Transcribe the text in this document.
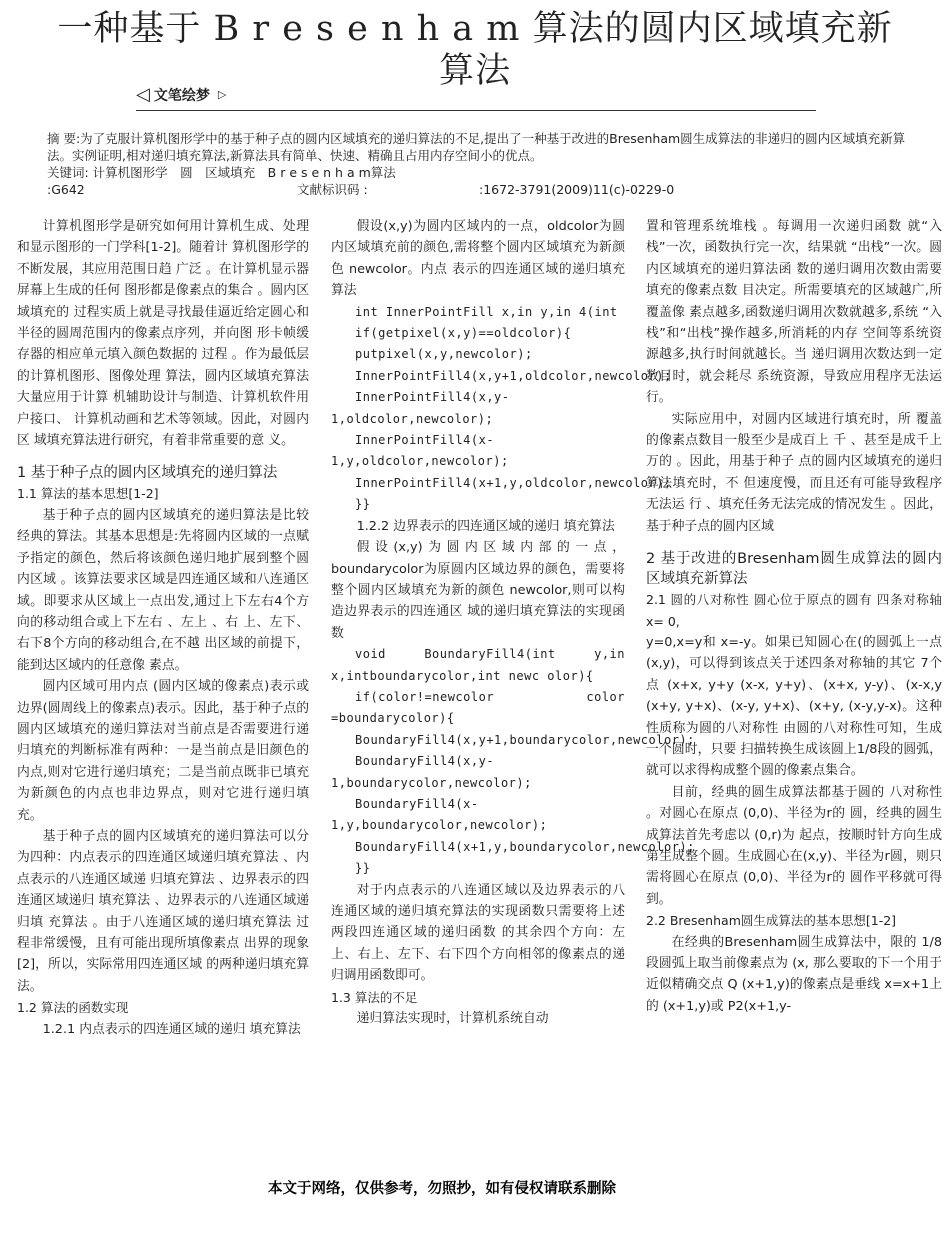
一种基于 B r e s e n h a m 算法的圆内区域填充新
算法
◁ 文笔绘梦 ▷

摘 要:为了克服计算机图形学中的基于种子点的圆内区域填充的递归算法的不足,提出了一种基于改进的Bresenham圆生成算法的非递归的圆内区域填充新算法。实例证明,相对递归填充算法,新算法具有简单、快速、精确且占用内存空间小的优点。

关键词: 计算机图形学　圆　区域填充　B r e s e n h a m算法

:G642	文献标识码 :	:1672-3791(2009)11(c)-0229-0

计算机图形学是研究如何用计算机生成、处理和显示图形的一门学科[1-2]。随着计 算机图形学的不断发展，其应用范围日趋 广泛 。在计算机显示器屏幕上生成的任何 图形都是像素点的集合 。圆内区域填充的 过程实质上就是寻找最佳逼近给定圆心和 半径的圆周范围内的像素点序列，并向图 形卡帧缓存器的相应单元填入颜色数据的 过程 。作为最低层的计算机图形、图像处理 算法，圆内区域填充算法大量应用于计算 机辅助设计与制造、计算机软件用户接口、 计算机动画和艺术等领域。因此，对圆内区 域填充算法进行研究，有着非常重要的意 义。

1 基于种子点的圆内区域填充的递归算法

1.1 算法的基本思想[1-2]

基于种子点的圆内区域填充的递归算法是比较经典的算法。其基本思想是:先将圆内区域的一点赋予指定的颜色，然后将该颜色递归地扩展到整个圆内区域 。该算法要求区域是四连通区域和八连通区域。即要求从区域上一点出发,通过上下左右4个方向的移动组合或上下左右 、左上 、右 上、左下、右下8个方向的移动组合,在不越 出区域的前提下，能到达区域内的任意像 素点。

圆内区域可用内点 (圆内区域的像素点)表示或边界(圆周线上的像素点)表示。因此，基于种子点的圆内区域填充的递归算法对当前点是否需要进行递归填充的判断标准有两种：一是当前点是旧颜色的内点,则对它进行递归填充；二是当前点既非已填充为新颜色的内点也非边界点，则对它进行递归填充。

基于种子点的圆内区域填充的递归算法可以分为四种：内点表示的四连通区域递归填充算法 、内点表示的八连通区域递 归填充算法 、边界表示的四连通区域递归 填充算法 、边界表示的八连通区域递归填 充算法 。由于八连通区域的递归填充算法 过程非常缓慢，且有可能出现所填像素点 出界的现象[2]，所以，实际常用四连通区域 的两种递归填充算法。

1.2 算法的函数实现

1.2.1 内点表示的四连通区域的递归 填充算法

假设(x,y)为圆内区域内的一点，oldcolor为圆内区域填充前的颜色,需将整个圆内区域填充为新颜色 newcolor。内点 表示的四连通区域的递归填充算法

int InnerPointFill x,in y,in 4(int

if(getpixel(x,y)==oldcolor){

putpixel(x,y,newcolor);

InnerPointFill4(x,y+1,oldcolor,newcolor);

InnerPointFill4(x,y-1,oldcolor,newcolor);

InnerPointFill4(x-1,y,oldcolor,newcolor);

InnerPointFill4(x+1,y,oldcolor,newcolor);

}}

1.2.2 边界表示的四连通区域的递归 填充算法

假设(x,y)为圆内区域内部的一点，boundarycolor为原圆内区域边界的颜色，需要将整个圆内区域填充为新的颜色 newcolor,则可以构造边界表示的四连通区 域的递归填充算法的实现函数

void BoundaryFill4(int y,in x,intboundarycolor,int newc olor){

if(color!=newcolor color =boundarycolor){

BoundaryFill4(x,y+1,boundarycolor,newcolor);

BoundaryFill4(x,y-1,boundarycolor,newcolor);

BoundaryFill4(x-1,y,boundarycolor,newcolor);

BoundaryFill4(x+1,y,boundarycolor,newcolor);

}}

对于内点表示的八连通区域以及边界表示的八连通区域的递归填充算法的实现函数只需要将上述两段四连通区域的递归函数 的其余四个方向：左上、右上、左下、右下四个方向相邻的像素点的递 归调用函数即可。

1.3 算法的不足

递归算法实现时，计算机系统自动

置和管理系统堆栈 。每调用一次递归函数 就“入栈”一次，函数执行完一次，结果就 “出栈”一次。圆内区域填充的递归算法函 数的递归调用次数由需要填充的像素点数 目决定。所需要填充的区域越广,所覆盖像 素点越多,函数递归调用次数就越多,系统 “入栈”和“出栈”操作越多,所消耗的内存 空间等系统资源越多,执行时间就越长。当 递归调用次数达到一定数目时，就会耗尽 系统资源，导致应用程序无法运行。

实际应用中，对圆内区域进行填充时，所 覆盖的像素点数目一般至少是成百上 千 、甚至是成千上万的 。因此，用基于种子 点的圆内区域填充的递归算法填充时，不 但速度慢，而且还有可能导致程序无法运 行 、填充任务无法完成的情况发生 。因此，基于种子点的圆内区域

2 基于改进的Bresenham圆生成算法的圆内区域填充新算法

2.1 圆的八对称性 圆心位于原点的圆有 四条对称轴x= 0,

y=0,x=y和 x=-y。如果已知圆心在(的圆弧上一点 (x,y)，可以得到该点关于述四条对称轴的其它 7个点 (x+x, y+y (x-x, y+y)、(x+x, y-y)、(x-x,y (x+y, y+x)、(x-y, y+x)、(x+y, (x-y,y-x)。这种性质称为圆的八对称性 由圆的八对称性可知，生成一个圆时，只要 扫描转换生成该圆上1/8段的圆弧，就可以求得构成整个圆的像素点集合。

目前，经典的圆生成算法都基于圆的 八对称性 。对圆心在原点 (0,0)、半径为r的 圆，经典的圆生成算法首先考虑以 (0,r)为 起点，按顺时针方向生成第生成整个圆。生成圆心在(x,y)、半径为r圆，则只需将圆心在原点 (0,0)、半径为r的 圆作平移就可得到。

2.2 Bresenham圆生成算法的基本思想[1-2]

在经典的Bresenham圆生成算法中，限的 1/8段圆弧上取当前像素点为 (x, 那么要取的下一个用于近似精确交点 Q (x+1,y)的像素点是垂线 x=x+1上的 (x+1,y)或 P2(x+1,y-

本文于网络，仅供参考，勿照抄，如有侵权请联系删除
